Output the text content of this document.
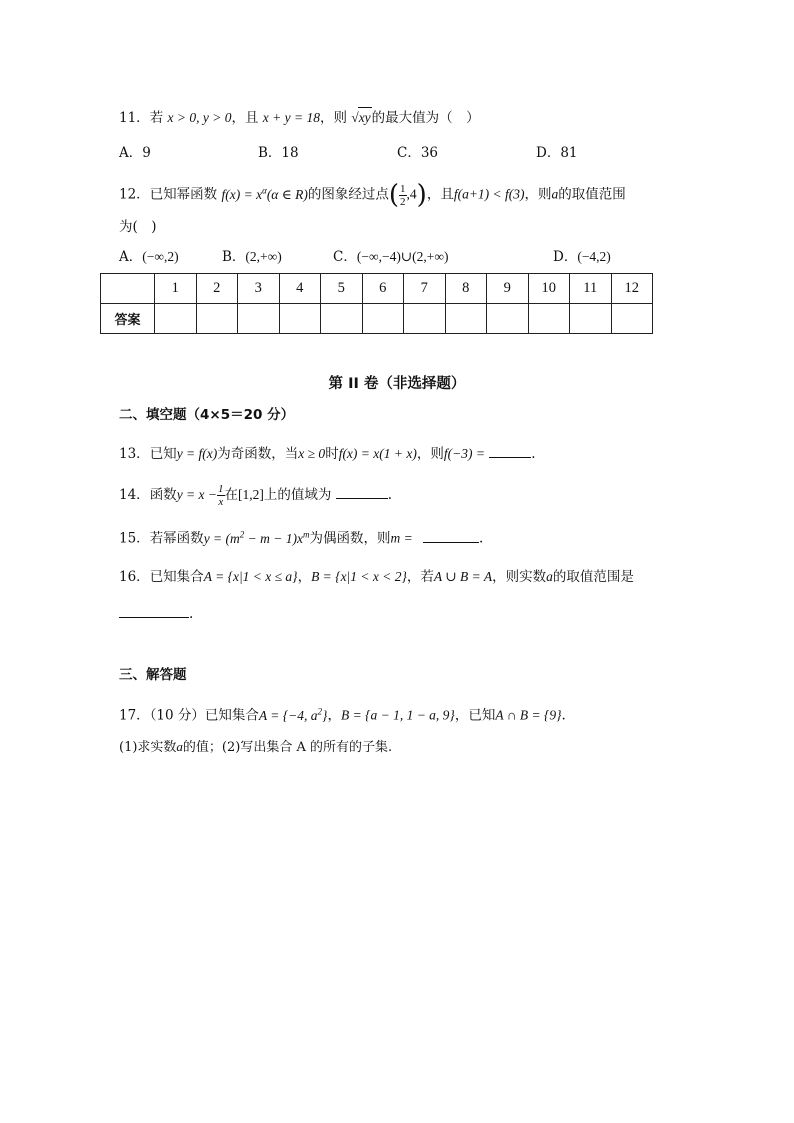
11．若 x > 0, y > 0，且 x + y = 18，则 √xy的最大值为（　）
A．9	B．18	C．36	D．81
12．已知幂函数 $f(x) = x^\alpha(\alpha$ ∈ R)的图象经过点( $\frac{1}{2} ,4$)，且f(a+1) < f(3)，则a的取值范围
为(　)
A．(−∞,2)	B．(2,+∞)	C．(−∞,−4)∪(2,+∞)	D．(−4,2)
	1	2	3	4	5	6	7	8	9	10	11	12
答案												
第 II 卷（非选择题）
二、填空题（4×5＝20 分）
13．已知y = f(x)为奇函数，当x ≥ 0时f(x) = x(1 + x)，则f(−3) =	.
14．函数$y = x - \frac{1}{x}$ 在[1,2]上的值域为	.
15．若幂函数$y = (m^2 - m - 1)x^m$为偶函数，则m =	.
16．已知集合A = {x|1 < x ≤ a}，B = {x|1 < x < 2}，若A ∪ B = A，则实数a的取值范围是
.
三、解答题
17．（10 分）已知集合A = {−4, $a^2$}，B = {a − 1, 1 − a, 9}，已知A ∩ B = {9}.
(1)求实数a的值；(2)写出集合 A 的所有的子集.
